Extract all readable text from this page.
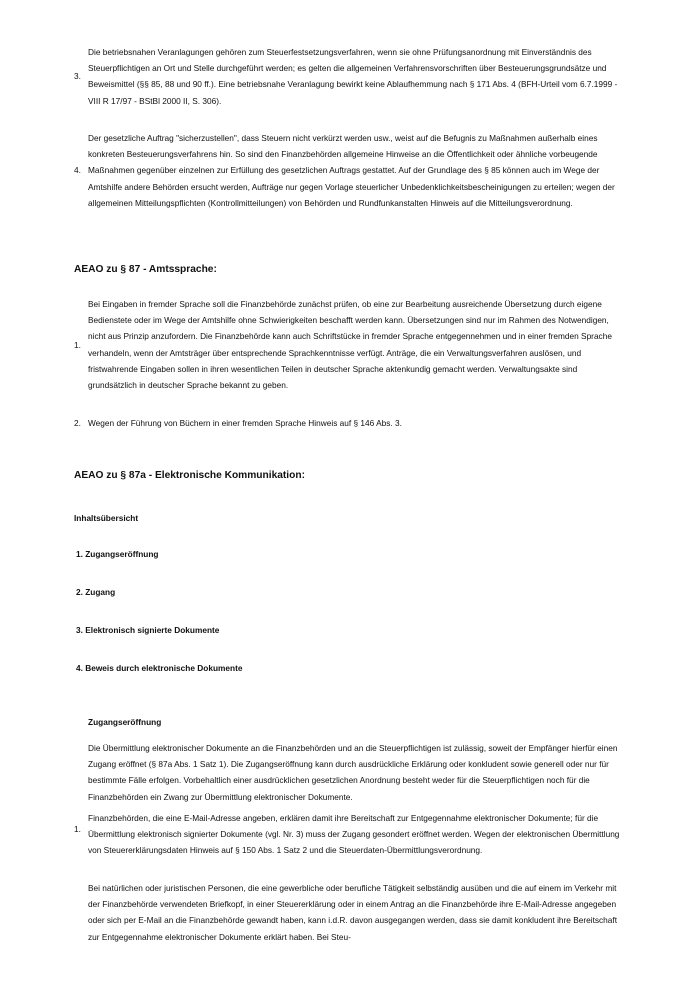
3.

Die betriebsnahen Veranlagungen gehören zum Steuerfestsetzungsverfahren, wenn sie ohne Prüfungsanordnung mit Einverständnis des Steuerpflichtigen an Ort und Stelle durchgeführt werden; es gelten die allgemeinen Verfahrensvorschriften über Besteuerungsgrundsätze und Beweismittel (§§ 85, 88 und 90 ff.). Eine betriebsnahe Veranlagung bewirkt keine Ablaufhemmung nach § 171 Abs. 4 (BFH-Urteil vom 6.7.1999 - VIII R 17/97 - BStBl 2000 II, S. 306).

4.

Der gesetzliche Auftrag "sicherzustellen", dass Steuern nicht verkürzt werden usw., weist auf die Befugnis zu Maßnahmen außerhalb eines konkreten Besteuerungsverfahrens hin. So sind den Finanzbehörden allgemeine Hinweise an die Öffentlichkeit oder ähnliche vorbeugende Maßnahmen gegenüber einzelnen zur Erfüllung des gesetzlichen Auftrags gestattet. Auf der Grundlage des § 85 können auch im Wege der Amtshilfe andere Behörden ersucht werden, Aufträge nur gegen Vorlage steuerlicher Unbedenklichkeitsbescheinigungen zu erteilen; wegen der allgemeinen Mitteilungspflichten (Kontrollmitteilungen) von Behörden und Rundfunkanstalten Hinweis auf die Mitteilungsverordnung.

AEAO zu § 87 - Amtssprache:
1.

Bei Eingaben in fremder Sprache soll die Finanzbehörde zunächst prüfen, ob eine zur Bearbeitung ausreichende Übersetzung durch eigene Bedienstete oder im Wege der Amtshilfe ohne Schwierigkeiten beschafft werden kann. Übersetzungen sind nur im Rahmen des Notwendigen, nicht aus Prinzip anzufordern. Die Finanzbehörde kann auch Schriftstücke in fremder Sprache entgegennehmen und in einer fremden Sprache verhandeln, wenn der Amtsträger über entsprechende Sprachkenntnisse verfügt. Anträge, die ein Verwaltungsverfahren auslösen, und fristwahrende Eingaben sollen in ihren wesentlichen Teilen in deutscher Sprache aktenkundig gemacht werden. Verwaltungsakte sind grundsätzlich in deutscher Sprache bekannt zu geben.

2. Wegen der Führung von Büchern in einer fremden Sprache Hinweis auf § 146 Abs. 3.

AEAO zu § 87a - Elektronische Kommunikation:
Inhaltsübersicht
1. Zugangseröffnung
2. Zugang
3. Elektronisch signierte Dokumente
4. Beweis durch elektronische Dokumente
1.

Zugangseröffnung

Die Übermittlung elektronischer Dokumente an die Finanzbehörden und an die Steuerpflichtigen ist zulässig, soweit der Empfänger hierfür einen Zugang eröffnet (§ 87a Abs. 1 Satz 1). Die Zugangseröffnung kann durch ausdrückliche Erklärung oder konkludent sowie generell oder nur für bestimmte Fälle erfolgen. Vorbehaltlich einer ausdrücklichen gesetzlichen Anordnung besteht weder für die Steuerpflichtigen noch für die Finanzbehörden ein Zwang zur Übermittlung elektronischer Dokumente.

Finanzbehörden, die eine E-Mail-Adresse angeben, erklären damit ihre Bereitschaft zur Entgegennahme elektronischer Dokumente; für die Übermittlung elektronisch signierter Dokumente (vgl. Nr. 3) muss der Zugang gesondert eröffnet werden. Wegen der elektronischen Übermittlung von Steuererklärungsdaten Hinweis auf § 150 Abs. 1 Satz 2 und die Steuerdaten-Übermittlungsverordnung.

Bei natürlichen oder juristischen Personen, die eine gewerbliche oder berufliche Tätigkeit selbständig ausüben und die auf einem im Verkehr mit der Finanzbehörde verwendeten Briefkopf, in einer Steuererklärung oder in einem Antrag an die Finanzbehörde ihre E-Mail-Adresse angegeben oder sich per E-Mail an die Finanzbehörde gewandt haben, kann i.d.R. davon ausgegangen werden, dass sie damit konkludent ihre Bereitschaft zur Entgegennahme elektronischer Dokumente erklärt haben. Bei Steu-
